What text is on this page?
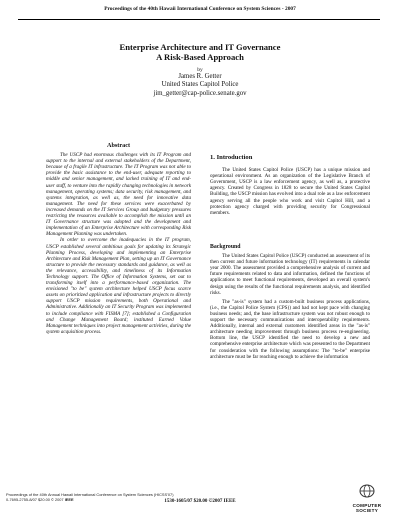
Proceedings of the 40th Hawaii International Conference on System Sciences - 2007
Enterprise Architecture and IT Governance
A Risk-Based Approach
by
James R. Getter
United States Capitol Police
jim_getter@cap-police.senate.gov
Abstract

The USCP had enormous challenges with its IT Program and support to the internal and external stakeholders of the Department, because of a fragile IT infrastructure. The IT Program was not able to provide the basic assistance to the end-user, adequate reporting to middle and senior management, and lacked training of IT and end-user staff, to venture into the rapidly changing technologies in network management, operating systems; data security, risk management, and systems integration, as well as, the need for innovative data management. The need for these services were exacerbated by increased demands on the IT Services Group and budgetary pressures restricting the resources available to accomplish the mission until an IT Governance structure was adopted and the development and implementation of an Enterprise Architecture with corresponding Risk Management Planning was undertaken.

In order to overcome the inadequacies in the IT program, USCP established several ambitious goals for updating its Strategic Planning Process, developing and implementing an Enterprise Architecture and Risk Management Plan, setting up an IT Governance structure to provide the necessary standards and guidance, as well as the relevance, accessibility, and timeliness of its Information Technology support. The Office of Information Systems, set out to transforming itself into a performance-based organization. The envisioned "to be" system architecture helped USCP focus scarce assets on prioritized application and infrastructure projects to directly support USCP mission requirements, both Operational and Administrative. Additionally an IT Security Program was implemented to include compliance with FISMA [7]; established a Configuration and Change Management Board; instituted Earned Value Management techniques into project management activities, during the system acquisition process.

1. Introduction

The United States Capitol Police (USCP) has a unique mission and operational environment. As an organization of the Legislative Branch of Government, USCP is a law enforcement agency, as well as, a protective agency. Created by Congress in 1828 to secure the United States Capitol Building, the USCP mission has evolved into a dual role as a law enforcement agency serving all the people who work and visit Capitol Hill, and a protection agency charged with providing security for Congressional members.

Background

The United States Capitol Police (USCP) conducted an assessment of its then current and future information technology (IT) requirements in calendar year 2000. The assessment provided a comprehensive analysis of current and future requirements related to data and information, defined the functions of applications to meet functional requirements, developed an overall system's design using the results of the functional requirements analysis, and identified risks.

The "as-is" system had a custom-built business process applications, (i.e., the Capitol Police System (CPS)) and had not kept pace with changing business needs; and, the base infrastructure system was not robust enough to support the necessary communications and interoperability requirements. Additionally, internal and external customers identified areas in the "as-is" architecture needing improvement through business process re-engineering. Bottom line, the USCP identified the need to develop a new and comprehensive enterprise architecture which was presented to the Department for consideration with the following assumptions: The "to-be" enterprise architecture must be far reaching enough to achieve the information

Proceedings of the 40th Annual Hawaii International Conference on System Sciences (HICSS'07)
0-7695-2755-8/07 $20.00 © 2007 IEEE	1530-1605/07 $20.00 ©2007 IEEE
COMPUTER
SOCIETY
